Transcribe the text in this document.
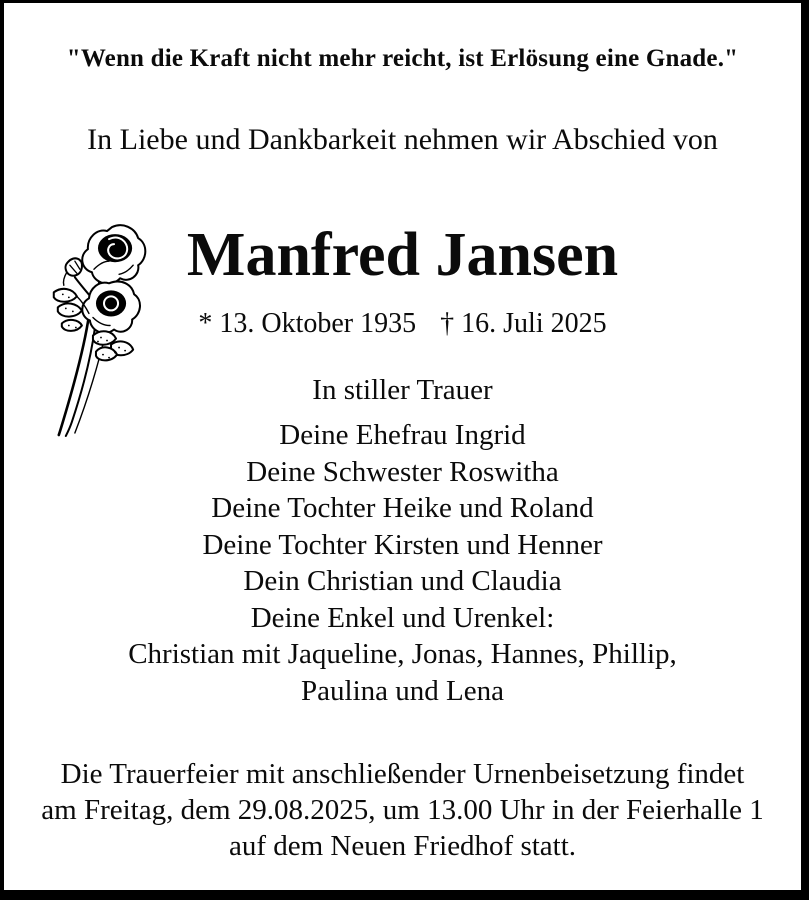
"Wenn die Kraft nicht mehr reicht, ist Erlösung eine Gnade."
In Liebe und Dankbarkeit nehmen wir Abschied von
Manfred Jansen
* 13. Oktober 1935 † 16. Juli 2025
In stiller Trauer
Deine Ehefrau Ingrid
Deine Schwester Roswitha
Deine Tochter Heike und Roland
Deine Tochter Kirsten und Henner
Dein Christian und Claudia
Deine Enkel und Urenkel:
Christian mit Jaqueline, Jonas, Hannes, Phillip,
Paulina und Lena
Die Trauerfeier mit anschließender Urnenbeisetzung findet
am Freitag, dem 29.08.2025, um 13.00 Uhr in der Feierhalle 1
auf dem Neuen Friedhof statt.
